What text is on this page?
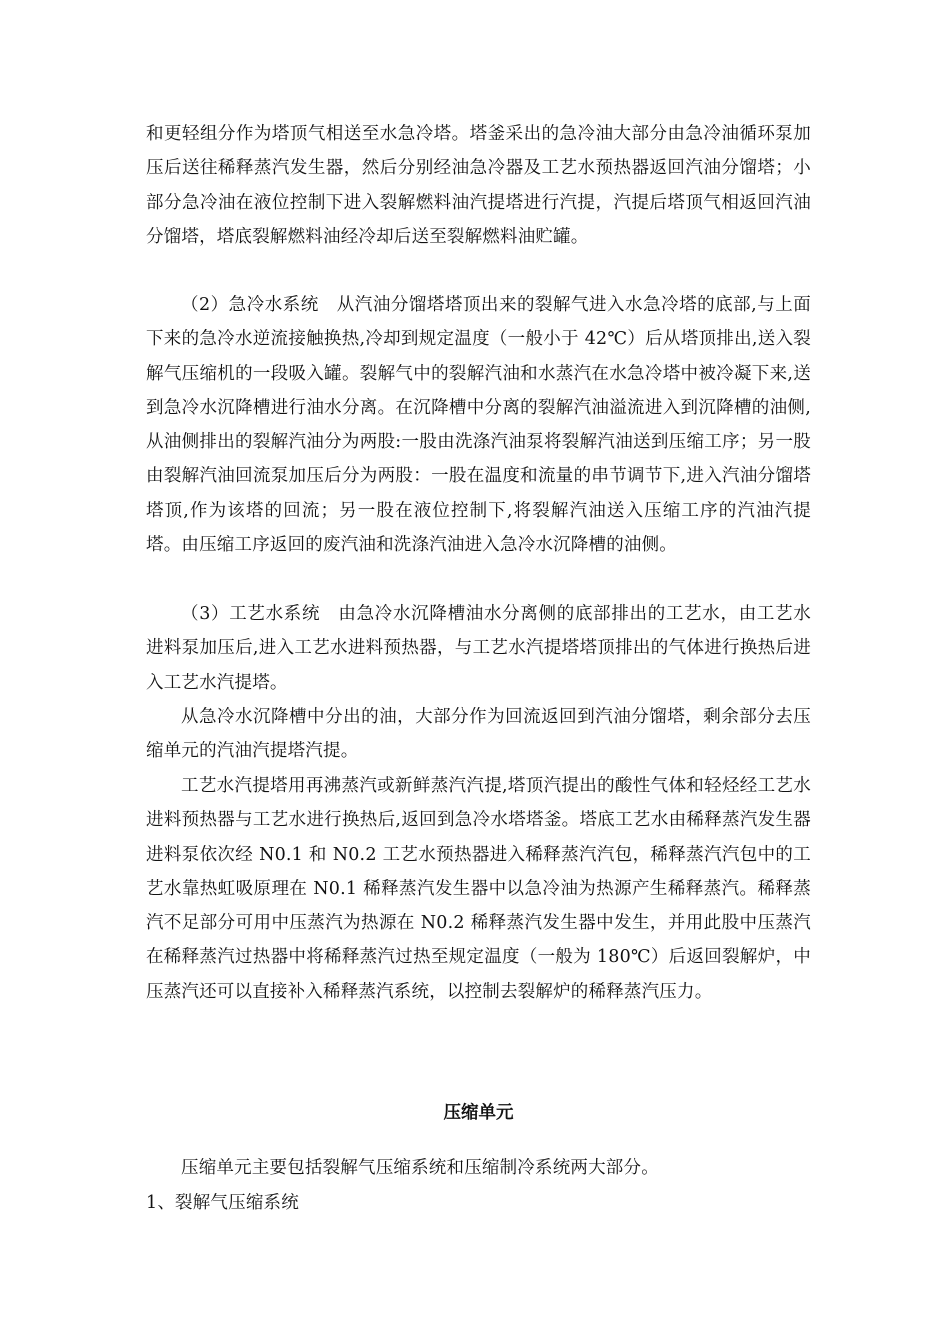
和更轻组分作为塔顶气相送至水急冷塔。塔釜采出的急冷油大部分由急冷油循环泵加压后送往稀释蒸汽发生器，然后分别经油急冷器及工艺水预热器返回汽油分馏塔；小部分急冷油在液位控制下进入裂解燃料油汽提塔进行汽提，汽提后塔顶气相返回汽油分馏塔，塔底裂解燃料油经冷却后送至裂解燃料油贮罐。

（2）急冷水系统　从汽油分馏塔塔顶出来的裂解气进入水急冷塔的底部,与上面下来的急冷水逆流接触换热,冷却到规定温度（一般小于 42℃）后从塔顶排出,送入裂解气压缩机的一段吸入罐。裂解气中的裂解汽油和水蒸汽在水急冷塔中被冷凝下来,送到急冷水沉降槽进行油水分离。在沉降槽中分离的裂解汽油溢流进入到沉降槽的油侧,从油侧排出的裂解汽油分为两股:一股由洗涤汽油泵将裂解汽油送到压缩工序；另一股由裂解汽油回流泵加压后分为两股：一股在温度和流量的串节调节下,进入汽油分馏塔塔顶,作为该塔的回流；另一股在液位控制下,将裂解汽油送入压缩工序的汽油汽提塔。由压缩工序返回的废汽油和洗涤汽油进入急冷水沉降槽的油侧。

（3）工艺水系统　由急冷水沉降槽油水分离侧的底部排出的工艺水，由工艺水进料泵加压后,进入工艺水进料预热器，与工艺水汽提塔塔顶排出的气体进行换热后进入工艺水汽提塔。

从急冷水沉降槽中分出的油，大部分作为回流返回到汽油分馏塔，剩余部分去压缩单元的汽油汽提塔汽提。

工艺水汽提塔用再沸蒸汽或新鲜蒸汽汽提,塔顶汽提出的酸性气体和轻烃经工艺水进料预热器与工艺水进行换热后,返回到急冷水塔塔釜。塔底工艺水由稀释蒸汽发生器进料泵依次经 N0.1 和 N0.2 工艺水预热器进入稀释蒸汽汽包，稀释蒸汽汽包中的工艺水靠热虹吸原理在 N0.1 稀释蒸汽发生器中以急冷油为热源产生稀释蒸汽。稀释蒸汽不足部分可用中压蒸汽为热源在 N0.2 稀释蒸汽发生器中发生，并用此股中压蒸汽在稀释蒸汽过热器中将稀释蒸汽过热至规定温度（一般为 180℃）后返回裂解炉，中压蒸汽还可以直接补入稀释蒸汽系统，以控制去裂解炉的稀释蒸汽压力。

压缩单元

压缩单元主要包括裂解气压缩系统和压缩制冷系统两大部分。

1、裂解气压缩系统
